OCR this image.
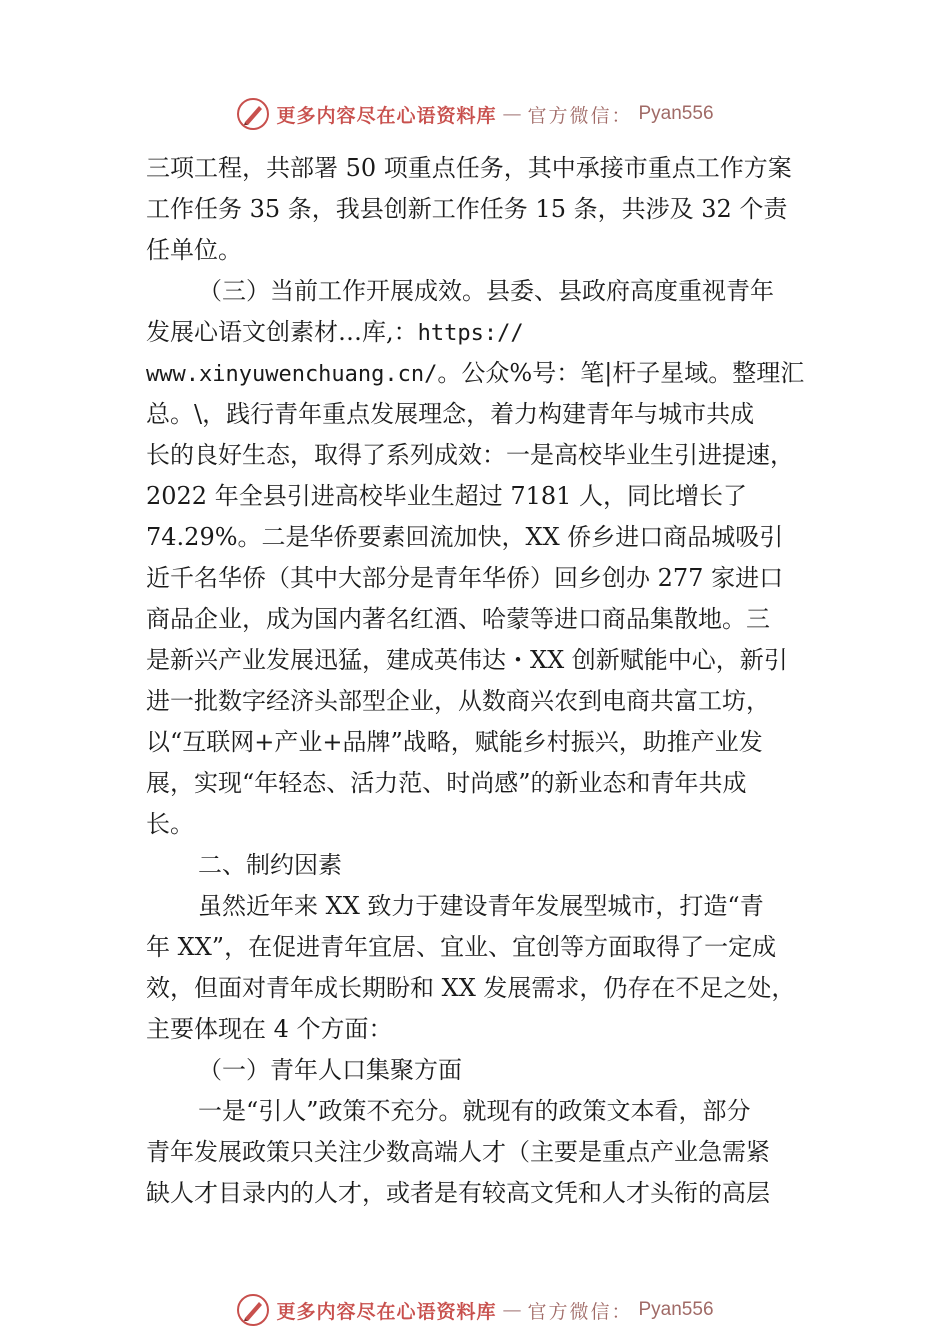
更多内容尽在心语资料库 — 官方微信： Pyan556
三项工程，共部署 50 项重点任务，其中承接市重点工作方案
工作任务 35 条，我县创新工作任务 15 条，共涉及 32 个责
任单位。
（三）当前工作开展成效。县委、县政府高度重视青年
发展心语文创素材…库,：https://
www.xinyuwenchuang.cn/。公众%号：笔|杆子星域。整理汇
总。\，践行青年重点发展理念，着力构建青年与城市共成
长的良好生态，取得了系列成效：一是高校毕业生引进提速，
2022 年全县引进高校毕业生超过 7181 人，同比增长了
74.29%。二是华侨要素回流加快，XX 侨乡进口商品城吸引
近千名华侨（其中大部分是青年华侨）回乡创办 277 家进口
商品企业，成为国内著名红酒、哈蒙等进口商品集散地。三
是新兴产业发展迅猛，建成英伟达・XX 创新赋能中心，新引
进一批数字经济头部型企业，从数商兴农到电商共富工坊，
以“互联网+产业+品牌”战略，赋能乡村振兴，助推产业发
展，实现“年轻态、活力范、时尚感”的新业态和青年共成
长。
二、制约因素
虽然近年来 XX 致力于建设青年发展型城市，打造“青
年 XX”，在促进青年宜居、宜业、宜创等方面取得了一定成
效，但面对青年成长期盼和 XX 发展需求，仍存在不足之处，
主要体现在 4 个方面：
（一）青年人口集聚方面
一是“引人”政策不充分。就现有的政策文本看，部分
青年发展政策只关注少数高端人才（主要是重点产业急需紧
缺人才目录内的人才，或者是有较高文凭和人才头衔的高层
更多内容尽在心语资料库 — 官方微信： Pyan556
